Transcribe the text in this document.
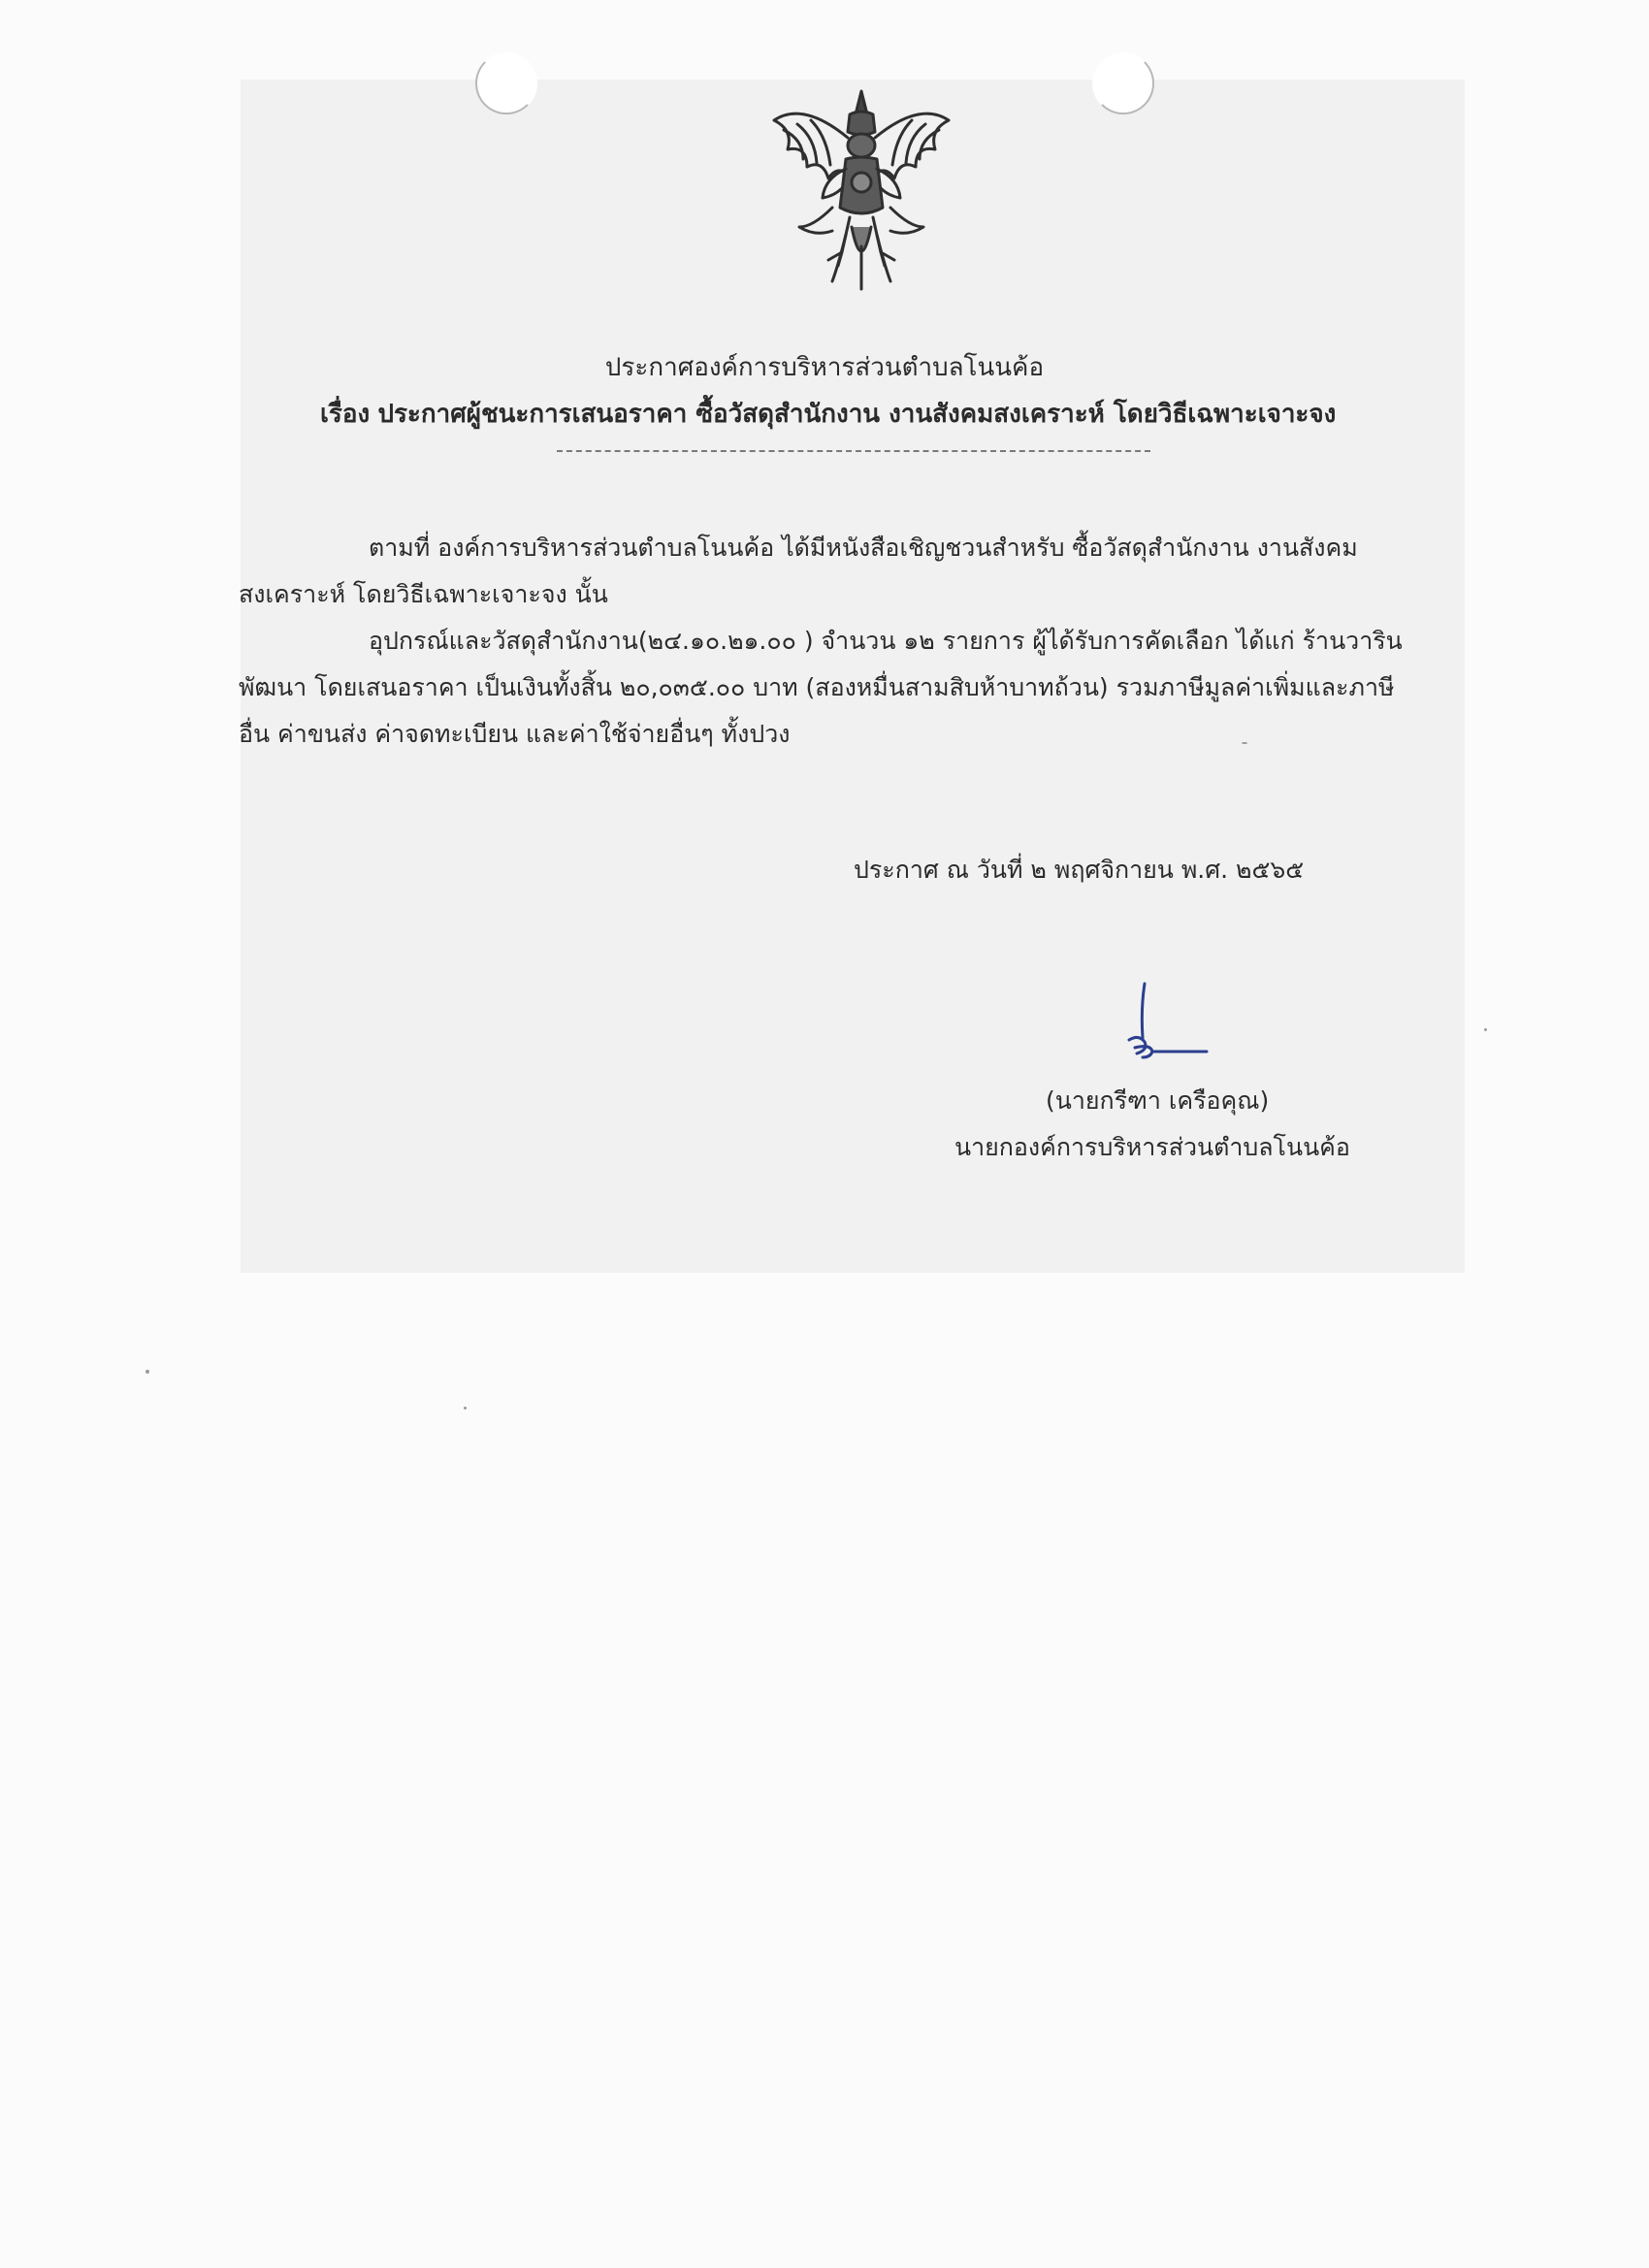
ประกาศองค์การบริหารส่วนตำบลโนนค้อ
เรื่อง ประกาศผู้ชนะการเสนอราคา ซื้อวัสดุสำนักงาน งานสังคมสงเคราะห์ โดยวิธีเฉพาะเจาะจง
ตามที่ องค์การบริหารส่วนตำบลโนนค้อ ได้มีหนังสือเชิญชวนสำหรับ ซื้อวัสดุสำนักงาน งานสังคม
สงเคราะห์ โดยวิธีเฉพาะเจาะจง นั้น
อุปกรณ์และวัสดุสำนักงาน(๒๔.๑๐.๒๑.๐๐ ) จำนวน ๑๒ รายการ ผู้ได้รับการคัดเลือก ได้แก่ ร้านวาริน
พัฒนา โดยเสนอราคา เป็นเงินทั้งสิ้น ๒๐,๐๓๕.๐๐ บาท (สองหมื่นสามสิบห้าบาทถ้วน) รวมภาษีมูลค่าเพิ่มและภาษี
อื่น ค่าขนส่ง ค่าจดทะเบียน และค่าใช้จ่ายอื่นๆ ทั้งปวง
ประกาศ ณ วันที่ ๒ พฤศจิกายน พ.ศ. ๒๕๖๕
(นายกรีฑา เครือคุณ)
นายกองค์การบริหารส่วนตำบลโนนค้อ
